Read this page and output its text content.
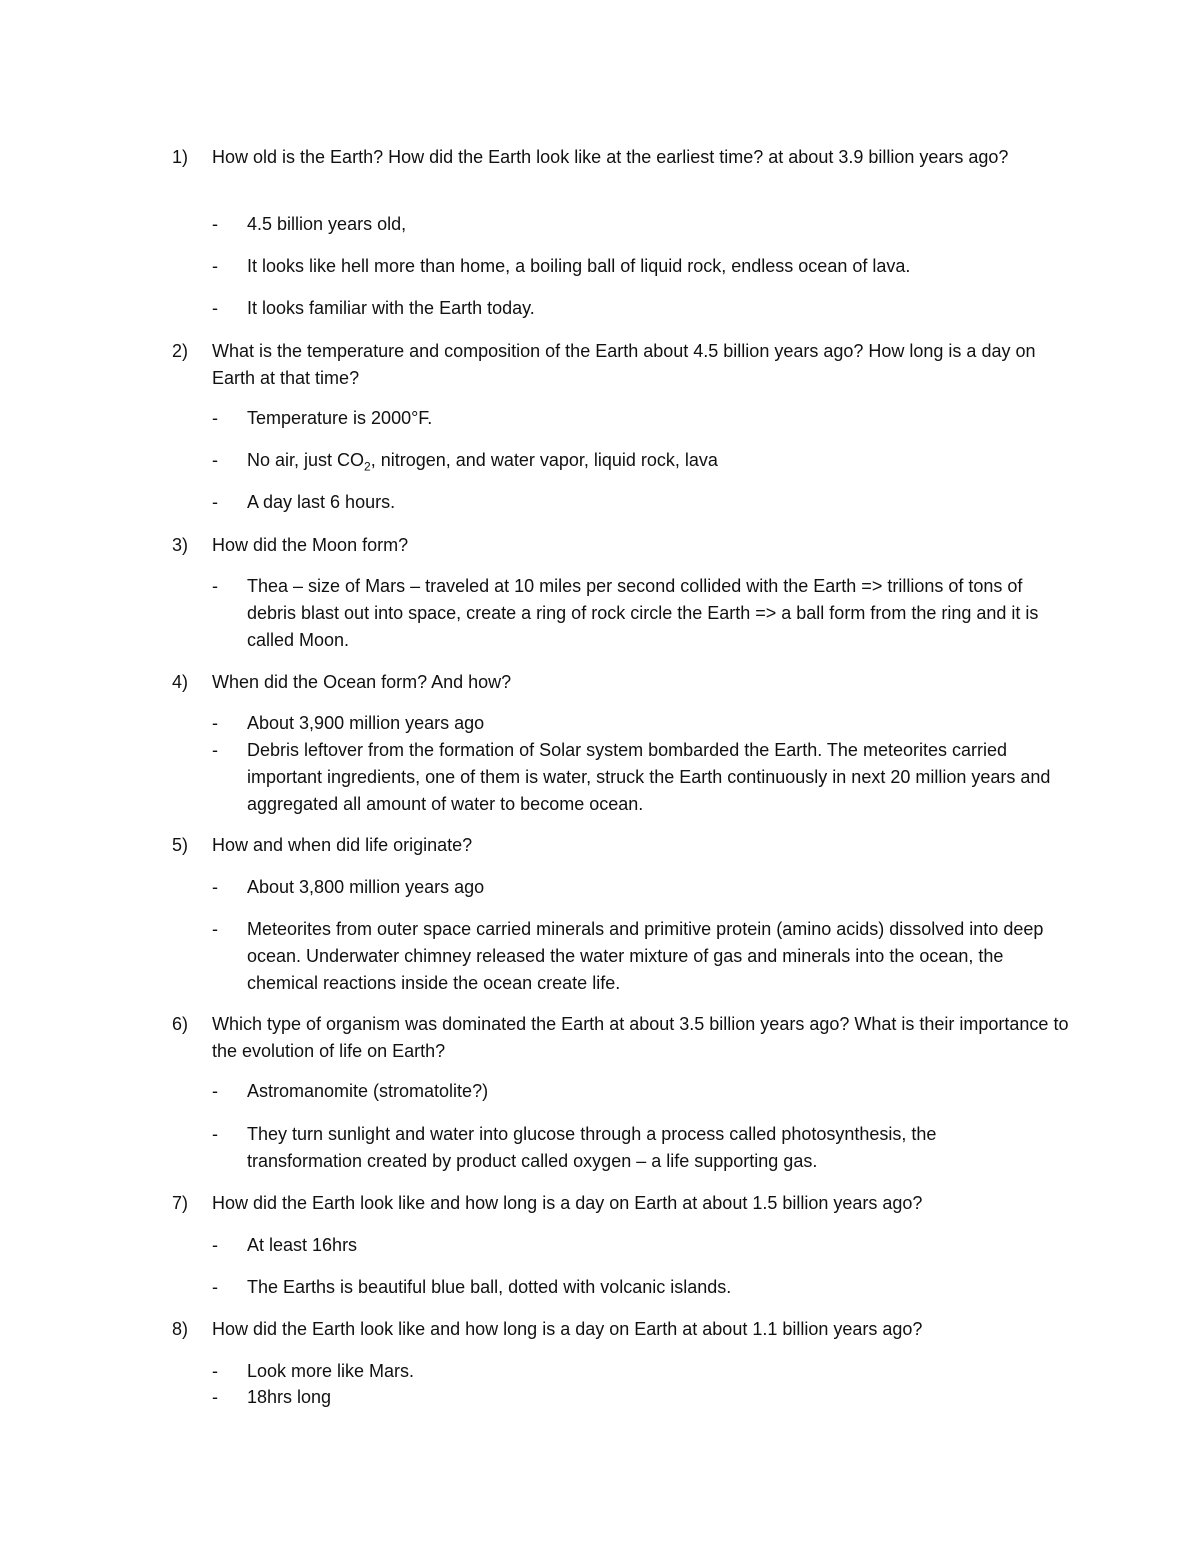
1) How old is the Earth? How did the Earth look like at the earliest time? at about 3.9 billion years ago?
- 4.5 billion years old,
- It looks like hell more than home, a boiling ball of liquid rock, endless ocean of lava.
- It looks familiar with the Earth today.
2) What is the temperature and composition of the Earth about 4.5 billion years ago? How long is a day on Earth at that time?
- Temperature is 2000°F.
- No air, just $CO_2$, nitrogen, and water vapor, liquid rock, lava
- A day last 6 hours.
3) How did the Moon form?
- Thea – size of Mars – traveled at 10 miles per second collided with the Earth => trillions of tons of debris blast out into space, create a ring of rock circle the Earth => a ball form from the ring and it is called Moon.
4) When did the Ocean form? And how?
- About 3,900 million years ago
- Debris leftover from the formation of Solar system bombarded the Earth. The meteorites carried important ingredients, one of them is water, struck the Earth continuously in next 20 million years and aggregated all amount of water to become ocean.
5) How and when did life originate?
- About 3,800 million years ago
- Meteorites from outer space carried minerals and primitive protein (amino acids) dissolved into deep ocean. Underwater chimney released the water mixture of gas and minerals into the ocean, the chemical reactions inside the ocean create life.
6) Which type of organism was dominated the Earth at about 3.5 billion years ago? What is their importance to the evolution of life on Earth?
- Astromanomite (stromatolite?)
- They turn sunlight and water into glucose through a process called photosynthesis, the transformation created by product called oxygen – a life supporting gas.
7) How did the Earth look like and how long is a day on Earth at about 1.5 billion years ago?
- At least 16hrs
- The Earths is beautiful blue ball, dotted with volcanic islands.
8) How did the Earth look like and how long is a day on Earth at about 1.1 billion years ago?
- Look more like Mars.
- 18hrs long
